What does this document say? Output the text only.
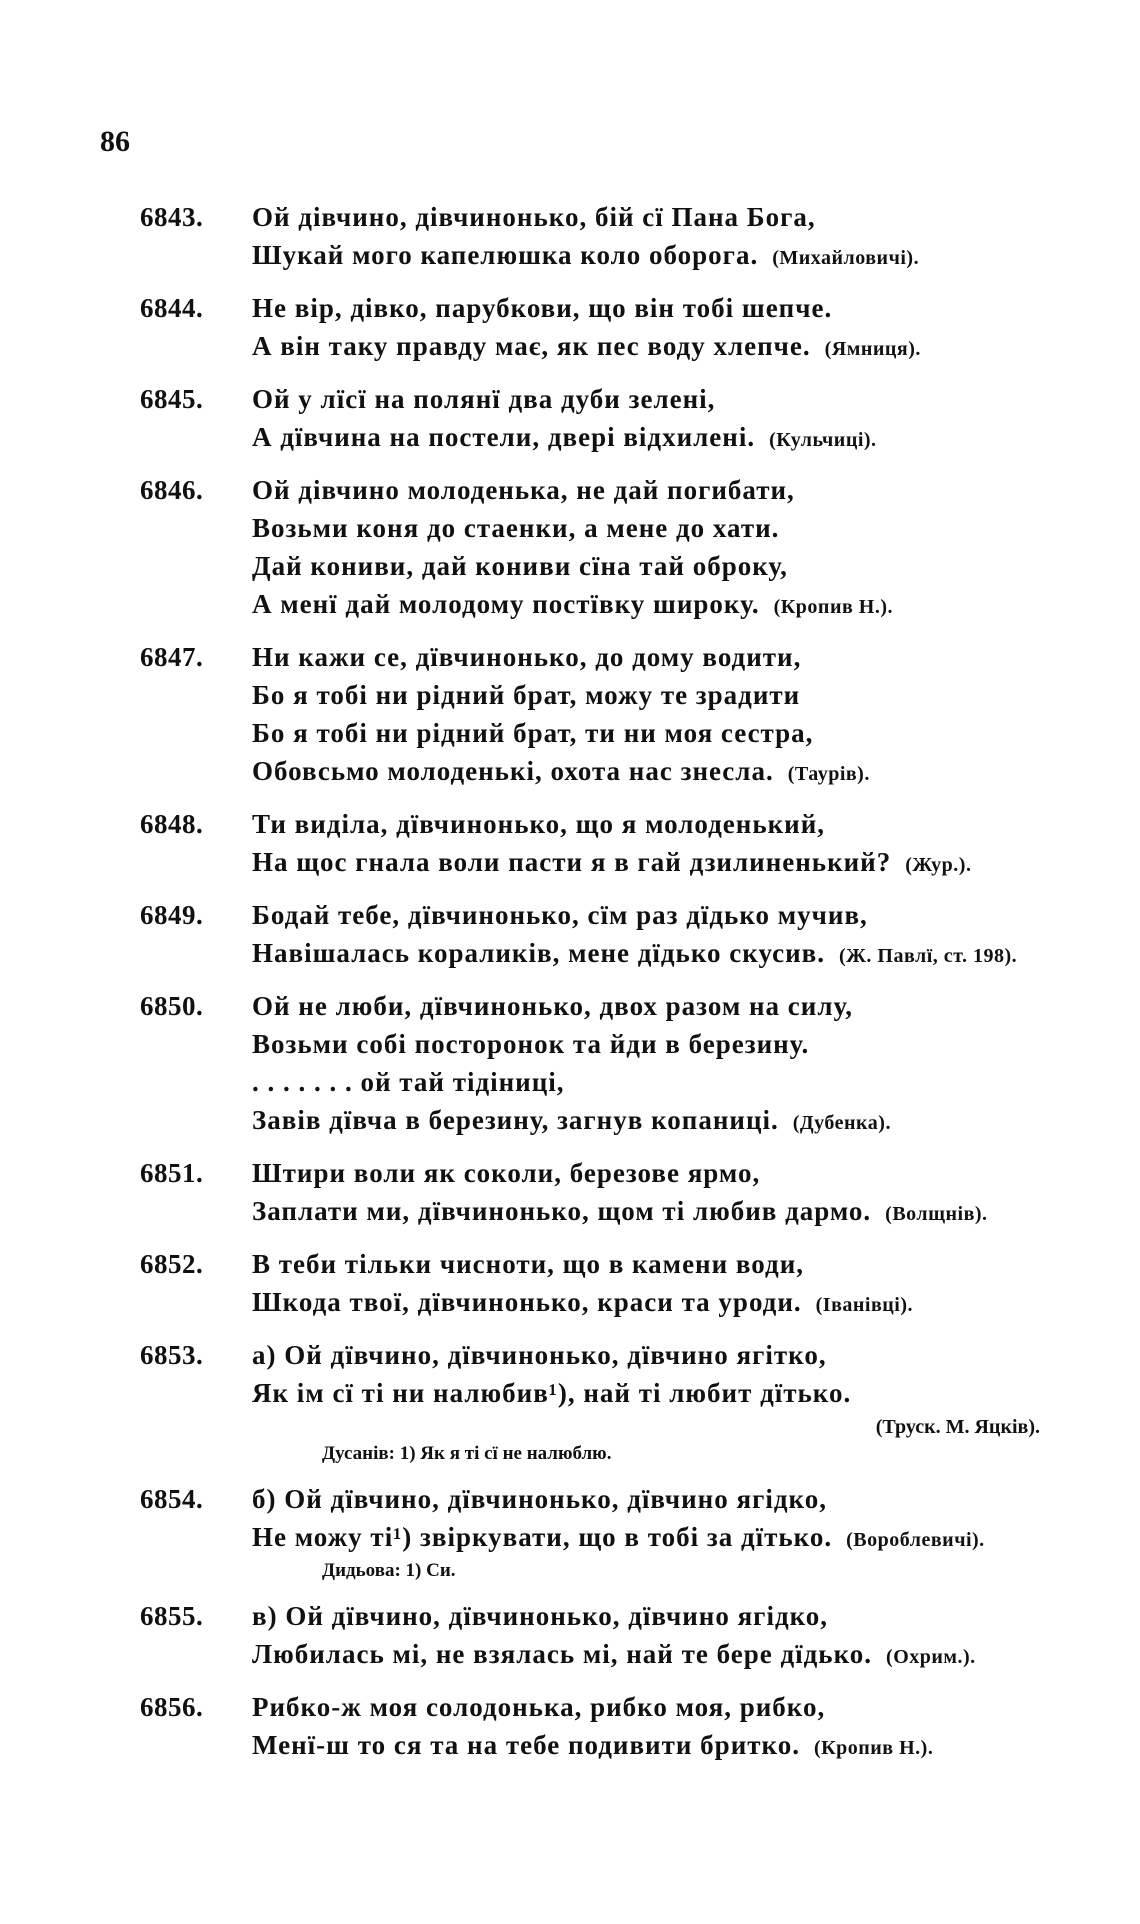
86
6843.	Ой дівчино, дівчинонько, бій сї Пана Бога,
Шукай мого капелюшка коло оборога. (Михайловичі).
6844.	Не вір, дівко, парубкови, що він тобі шепче.
А він таку правду має, як пес воду хлепче. (Ямниця).
6845.	Ой у лїсї на полянї два дуби зелені,
А дївчина на постели, двері відхилені. (Кульчиці).
6846.	Ой дівчино молоденька, не дай погибати,
Возьми коня до стаенки, а мене до хати.
Дай кониви, дай кониви сїна тай оброку,
А менї дай молодому постївку широку. (Кропив Н.).
6847.	Ни кажи се, дївчинонько, до дому водити,
Бо я тобі ни рідний брат, можу те зрадити
Бо я тобі ни рідний брат, ти ни моя сестра,
Обовсьмо молоденькі, охота нас знесла. (Таурів).
6848.	Ти виділа, дївчинонько, що я молоденький,
На щос гнала воли пасти я в гай дзилиненький? (Жур.).
6849.	Бодай тебе, дївчинонько, сїм раз дїдько мучив,
Навішалась кораликів, мене дїдько скусив. (Ж. Павлї, ст. 198).
6850.	Ой не люби, дївчинонько, двох разом на силу,
Возьми собі посторонок та йди в березину.
. . . . . . . ой тай тідіниці,
Завів дївча в березину, загнув копаниці. (Дубенка).
6851.	Штири воли як соколи, березове ярмо,
Заплати ми, дївчинонько, щом ті любив дармо. (Волщнів).
6852.	В теби тільки чисноти, що в камени води,
Шкода твої, дївчинонько, краси та уроди. (Іванівці).
6853.	а) Ой дївчино, дївчинонько, дївчино ягітко,
Як ім сї ті ни налюбив¹), най ті любит дїтько.
(Труск. М. Яцків).
Дусанів: 1) Як я ті сї не налюблю.
6854.	б) Ой дївчино, дївчинонько, дївчино ягідко,
Не можу ті¹) звіркувати, що в тобі за дїтько. (Вороблевичі).
Дидьова: 1) Си.
6855.	в) Ой дївчино, дївчинонько, дївчино ягідко,
Любилась мі, не взялась мі, най те бере дїдько. (Охрим.).
6856.	Рибко-ж моя солодонька, рибко моя, рибко,
Менї-ш то ся та на тебе подивити бритко. (Кропив Н.).
